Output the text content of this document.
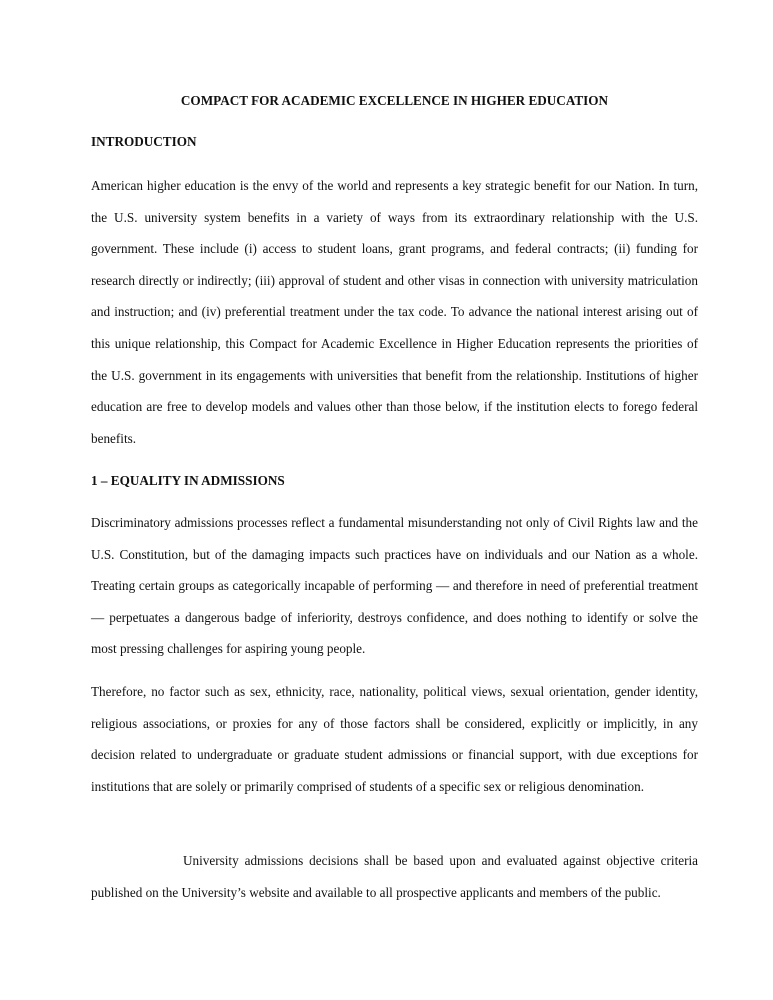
COMPACT FOR ACADEMIC EXCELLENCE IN HIGHER EDUCATION
INTRODUCTION

American higher education is the envy of the world and represents a key strategic benefit for our Nation. In turn, the U.S. university system benefits in a variety of ways from its extraordinary relationship with the U.S. government. These include (i) access to student loans, grant programs, and federal contracts; (ii) funding for research directly or indirectly; (iii) approval of student and other visas in connection with university matriculation and instruction; and (iv) preferential treatment under the tax code. To advance the national interest arising out of this unique relationship, this Compact for Academic Excellence in Higher Education represents the priorities of the U.S. government in its engagements with universities that benefit from the relationship. Institutions of higher education are free to develop models and values other than those below, if the institution elects to forego federal benefits.

1 – EQUALITY IN ADMISSIONS

Discriminatory admissions processes reflect a fundamental misunderstanding not only of Civil Rights law and the U.S. Constitution, but of the damaging impacts such practices have on individuals and our Nation as a whole. Treating certain groups as categorically incapable of performing — and therefore in need of preferential treatment — perpetuates a dangerous badge of inferiority, destroys confidence, and does nothing to identify or solve the most pressing challenges for aspiring young people.

Therefore, no factor such as sex, ethnicity, race, nationality, political views, sexual orientation, gender identity, religious associations, or proxies for any of those factors shall be considered, explicitly or implicitly, in any decision related to undergraduate or graduate student admissions or financial support, with due exceptions for institutions that are solely or primarily comprised of students of a specific sex or religious denomination.

University admissions decisions shall be based upon and evaluated against objective criteria published on the University’s website and available to all prospective applicants and members of the public.
